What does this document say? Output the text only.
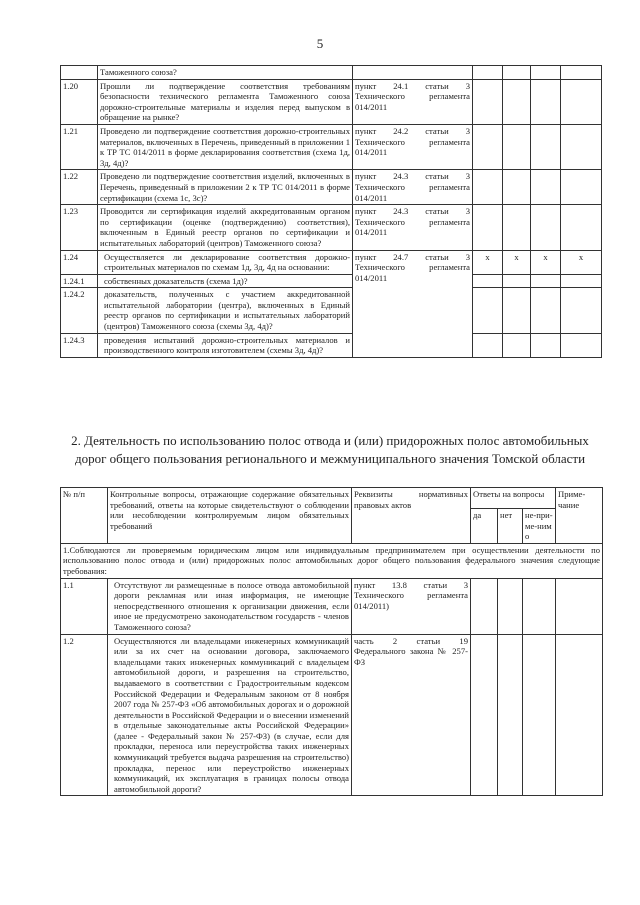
5
	Таможенного союза?					
1.20	Прошли ли подтверждение соответствия требованиям безопасности технического регламента Таможенного союза дорожно-строительные материалы и изделия перед выпуском в обращение на рынке?	пункт 24.1 статьи 3 Технического регламента 014/2011				
1.21	Проведено ли подтверждение соответствия дорожно-строительных материалов, включенных в Перечень, приведенный в приложении 1 к ТР ТС 014/2011 в форме декларирования соответствия (схема 1д, 3д, 4д)?	пункт 24.2 статьи 3 Технического регламента 014/2011				
1.22	Проведено ли подтверждение соответствия изделий, включенных в Перечень, приведенный в приложении 2 к ТР ТС 014/2011 в форме сертификации (схема 1с, 3с)?	пункт 24.3 статьи 3 Технического регламента 014/2011				
1.23	Проводится ли сертификация изделий аккредитованным органом по сертификации (оценке (подтверждению) соответствия), включенным в Единый реестр органов по сертификации и испытательных лабораторий (центров) Таможенного союза?	пункт 24.3 статьи 3 Технического регламента 014/2011				
1.24	Осуществляется ли декларирование соответствия дорожно-строительных материалов по схемам 1д, 3д, 4д на основании:	пункт 24.7 статьи 3 Технического регламента 014/2011	x	x	x	x
1.24.1	собственных доказательств (схема 1д)?					
1.24.2	доказательств, полученных с участием аккредитованной испытательной лаборатории (центра), включенных в Единый реестр органов по сертификации и испытательных лабораторий (центров) Таможенного союза (схемы 3д, 4д)?					
1.24.3	проведения испытаний дорожно-строительных материалов и производственного контроля изготовителем (схемы 3д, 4д)?					
2. Деятельность по использованию полос отвода и (или) придорожных полос автомобильных дорог общего пользования регионального и межмуниципального значения Томской области
№ п/п	Контрольные вопросы, отражающие содержание обязательных требований, ответы на которые свидетельствуют о соблюдении или несоблюдении контролируемым лицом обязательных требований	Реквизиты нормативных правовых актов	Ответы на вопросы			Приме-чание
			да	нет	не-при-ме-нимо	
1.Соблюдаются ли проверяемым юридическим лицом или индивидуальным предпринимателем при осуществлении деятельности по использованию полос отвода и (или) придорожных полос автомобильных дорог общего пользования федерального значения следующие требования:						
1.1	Отсутствуют ли размещенные в полосе отвода автомобильной дороги рекламная или иная информация, не имеющие непосредственного отношения к организации движения, если иное не предусмотрено законодательством государств - членов Таможенного союза?	пункт 13.8 статьи 3 Технического регламента 014/2011)				
1.2	Осуществляются ли владельцами инженерных коммуникаций или за их счет на основании договора, заключаемого владельцами таких инженерных коммуникаций с владельцем автомобильной дороги, и разрешения на строительство, выдаваемого в соответствии с Градостроительным кодексом Российской Федерации и Федеральным законом от 8 ноября 2007 года № 257-ФЗ «Об автомобильных дорогах и о дорожной деятельности в Российской Федерации и о внесении изменений в отдельные законодательные акты Российской Федерации» (далее - Федеральный закон № 257-ФЗ) (в случае, если для прокладки, переноса или переустройства таких инженерных коммуникаций требуется выдача разрешения на строительство) прокладка, перенос или переустройство инженерных коммуникаций, их эксплуатация в границах полосы отвода автомобильной дороги?	часть 2 статьи 19 Федерального закона № 257-ФЗ				
